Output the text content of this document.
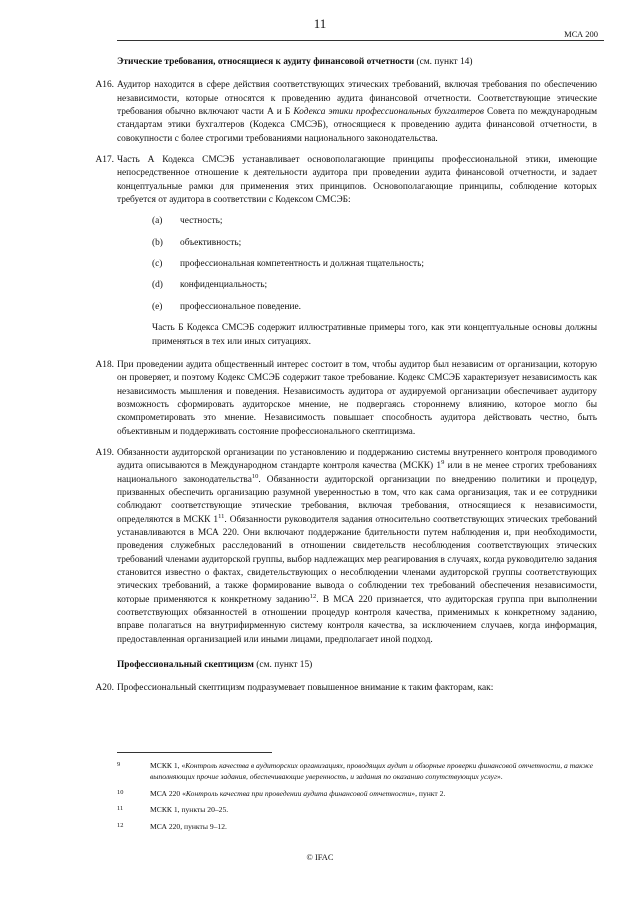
11
МСА 200
Этические требования, относящиеся к аудиту финансовой отчетности (см. пункт 14)
A16. Аудитор находится в сфере действия соответствующих этических требований, включая требования по обеспечению независимости, которые относятся к проведению аудита финансовой отчетности. Соответствующие этические требования обычно включают части А и Б Кодекса этики профессиональных бухгалтеров Совета по международным стандартам этики бухгалтеров (Кодекса СМСЭБ), относящиеся к проведению аудита финансовой отчетности, в совокупности с более строгими требованиями национального законодательства.
A17. Часть А Кодекса СМСЭБ устанавливает основополагающие принципы профессиональной этики, имеющие непосредственное отношение к деятельности аудитора при проведении аудита финансовой отчетности, и задает концептуальные рамки для применения этих принципов. Основополагающие принципы, соблюдение которых требуется от аудитора в соответствии с Кодексом СМСЭБ:
(a)	честность;
(b)	объективность;
(c)	профессиональная компетентность и должная тщательность;
(d)	конфиденциальность;
(e)	профессиональное поведение.
Часть Б Кодекса СМСЭБ содержит иллюстративные примеры того, как эти концептуальные основы должны применяться в тех или иных ситуациях.
A18. При проведении аудита общественный интерес состоит в том, чтобы аудитор был независим от организации, которую он проверяет, и поэтому Кодекс СМСЭБ содержит такое требование. Кодекс СМСЭБ характеризует независимость как независимость мышления и поведения. Независимость аудитора от аудируемой организации обеспечивает аудитору возможность сформировать аудиторское мнение, не подвергаясь стороннему влиянию, которое могло бы скомпрометировать это мнение. Независимость повышает способность аудитора действовать честно, быть объективным и поддерживать состояние профессионального скептицизма.
A19. Обязанности аудиторской организации по установлению и поддержанию системы внутреннего контроля проводимого аудита описываются в Международном стандарте контроля качества (МСКК) $1^9$ или в не менее строгих требованиях национального законодательства$^{10}$. Обязанности аудиторской организации по внедрению политики и процедур, призванных обеспечить организацию разумной уверенностью в том, что как сама организация, так и ее сотрудники соблюдают соответствующие этические требования, включая требования, относящиеся к независимости, определяются в МСКК $1^{11}$. Обязанности руководителя задания относительно соответствующих этических требований устанавливаются в МСА 220. Они включают поддержание бдительности путем наблюдения и, при необходимости, проведения служебных расследований в отношении свидетельств несоблюдения соответствующих этических требований членами аудиторской группы, выбор надлежащих мер реагирования в случаях, когда руководителю задания становится известно о фактах, свидетельствующих о несоблюдении членами аудиторской группы соответствующих этических требований, а также формирование вывода о соблюдении тех требований обеспечения независимости, которые применяются к конкретному заданию$^{12}$. В МСА 220 признается, что аудиторская группа при выполнении соответствующих обязанностей в отношении процедур контроля качества, применимых к конкретному заданию, вправе полагаться на внутрифирменную систему контроля качества, за исключением случаев, когда информация, предоставленная организацией или иными лицами, предполагает иной подход.
Профессиональный скептицизм (см. пункт 15)
A20. Профессиональный скептицизм подразумевает повышенное внимание к таким факторам, как:
9	МСКК 1, «Контроль качества в аудиторских организациях, проводящих аудит и обзорные проверки финансовой отчетности, а также выполняющих прочие задания, обеспечивающие уверенность, и задания по оказанию сопутствующих услуг».
10	МСА 220 «Контроль качества при проведении аудита финансовой отчетности», пункт 2.
11	МСКК 1, пункты 20–25.
12	МСА 220, пункты 9–12.
© IFAC
